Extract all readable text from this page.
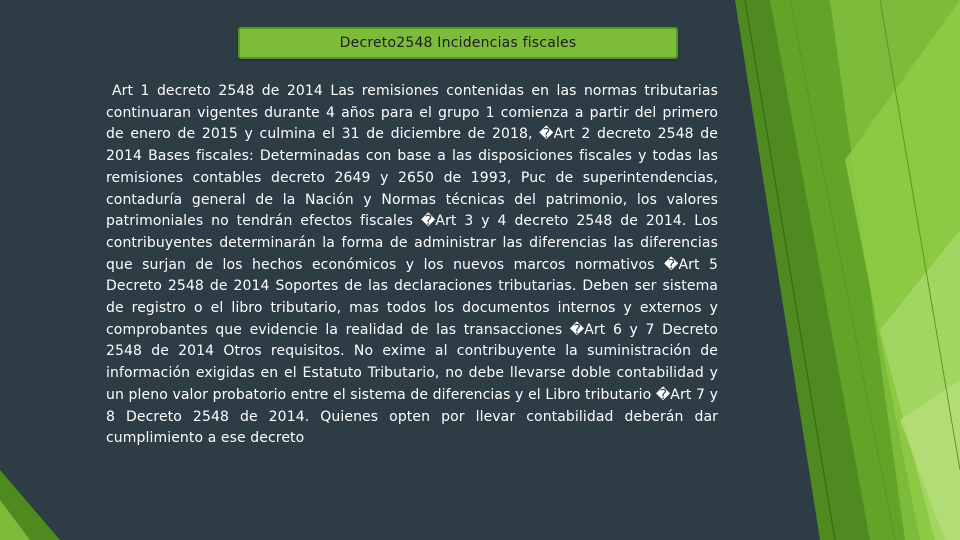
Decreto2548 Incidencias fiscales

Art 1 decreto 2548 de 2014 Las remisiones contenidas en las normas tributarias continuaran vigentes durante 4 años para el grupo 1 comienza a partir del primero de enero de 2015 y culmina el 31 de diciembre de 2018, �Art 2 decreto 2548 de 2014 Bases fiscales: Determinadas con base a las disposiciones fiscales y todas las remisiones contables decreto 2649 y 2650 de 1993, Puc de superintendencias, contaduría general de la Nación y Normas técnicas del patrimonio, los valores patrimoniales no tendrán efectos fiscales �Art 3 y 4 decreto 2548 de 2014. Los contribuyentes determinarán la forma de administrar las diferencias las diferencias que surjan de los hechos económicos y los nuevos marcos normativos �Art 5 Decreto 2548 de 2014 Soportes de las declaraciones tributarias. Deben ser sistema de registro o el libro tributario, mas todos los documentos internos y externos y comprobantes que evidencie la realidad de las transacciones �Art 6 y 7 Decreto 2548 de 2014 Otros requisitos. No exime al contribuyente la suministración de información exigidas en el Estatuto Tributario, no debe llevarse doble contabilidad y un pleno valor probatorio entre el sistema de diferencias y el Libro tributario �Art 7 y 8 Decreto 2548 de 2014. Quienes opten por llevar contabilidad deberán dar cumplimiento a ese decreto
